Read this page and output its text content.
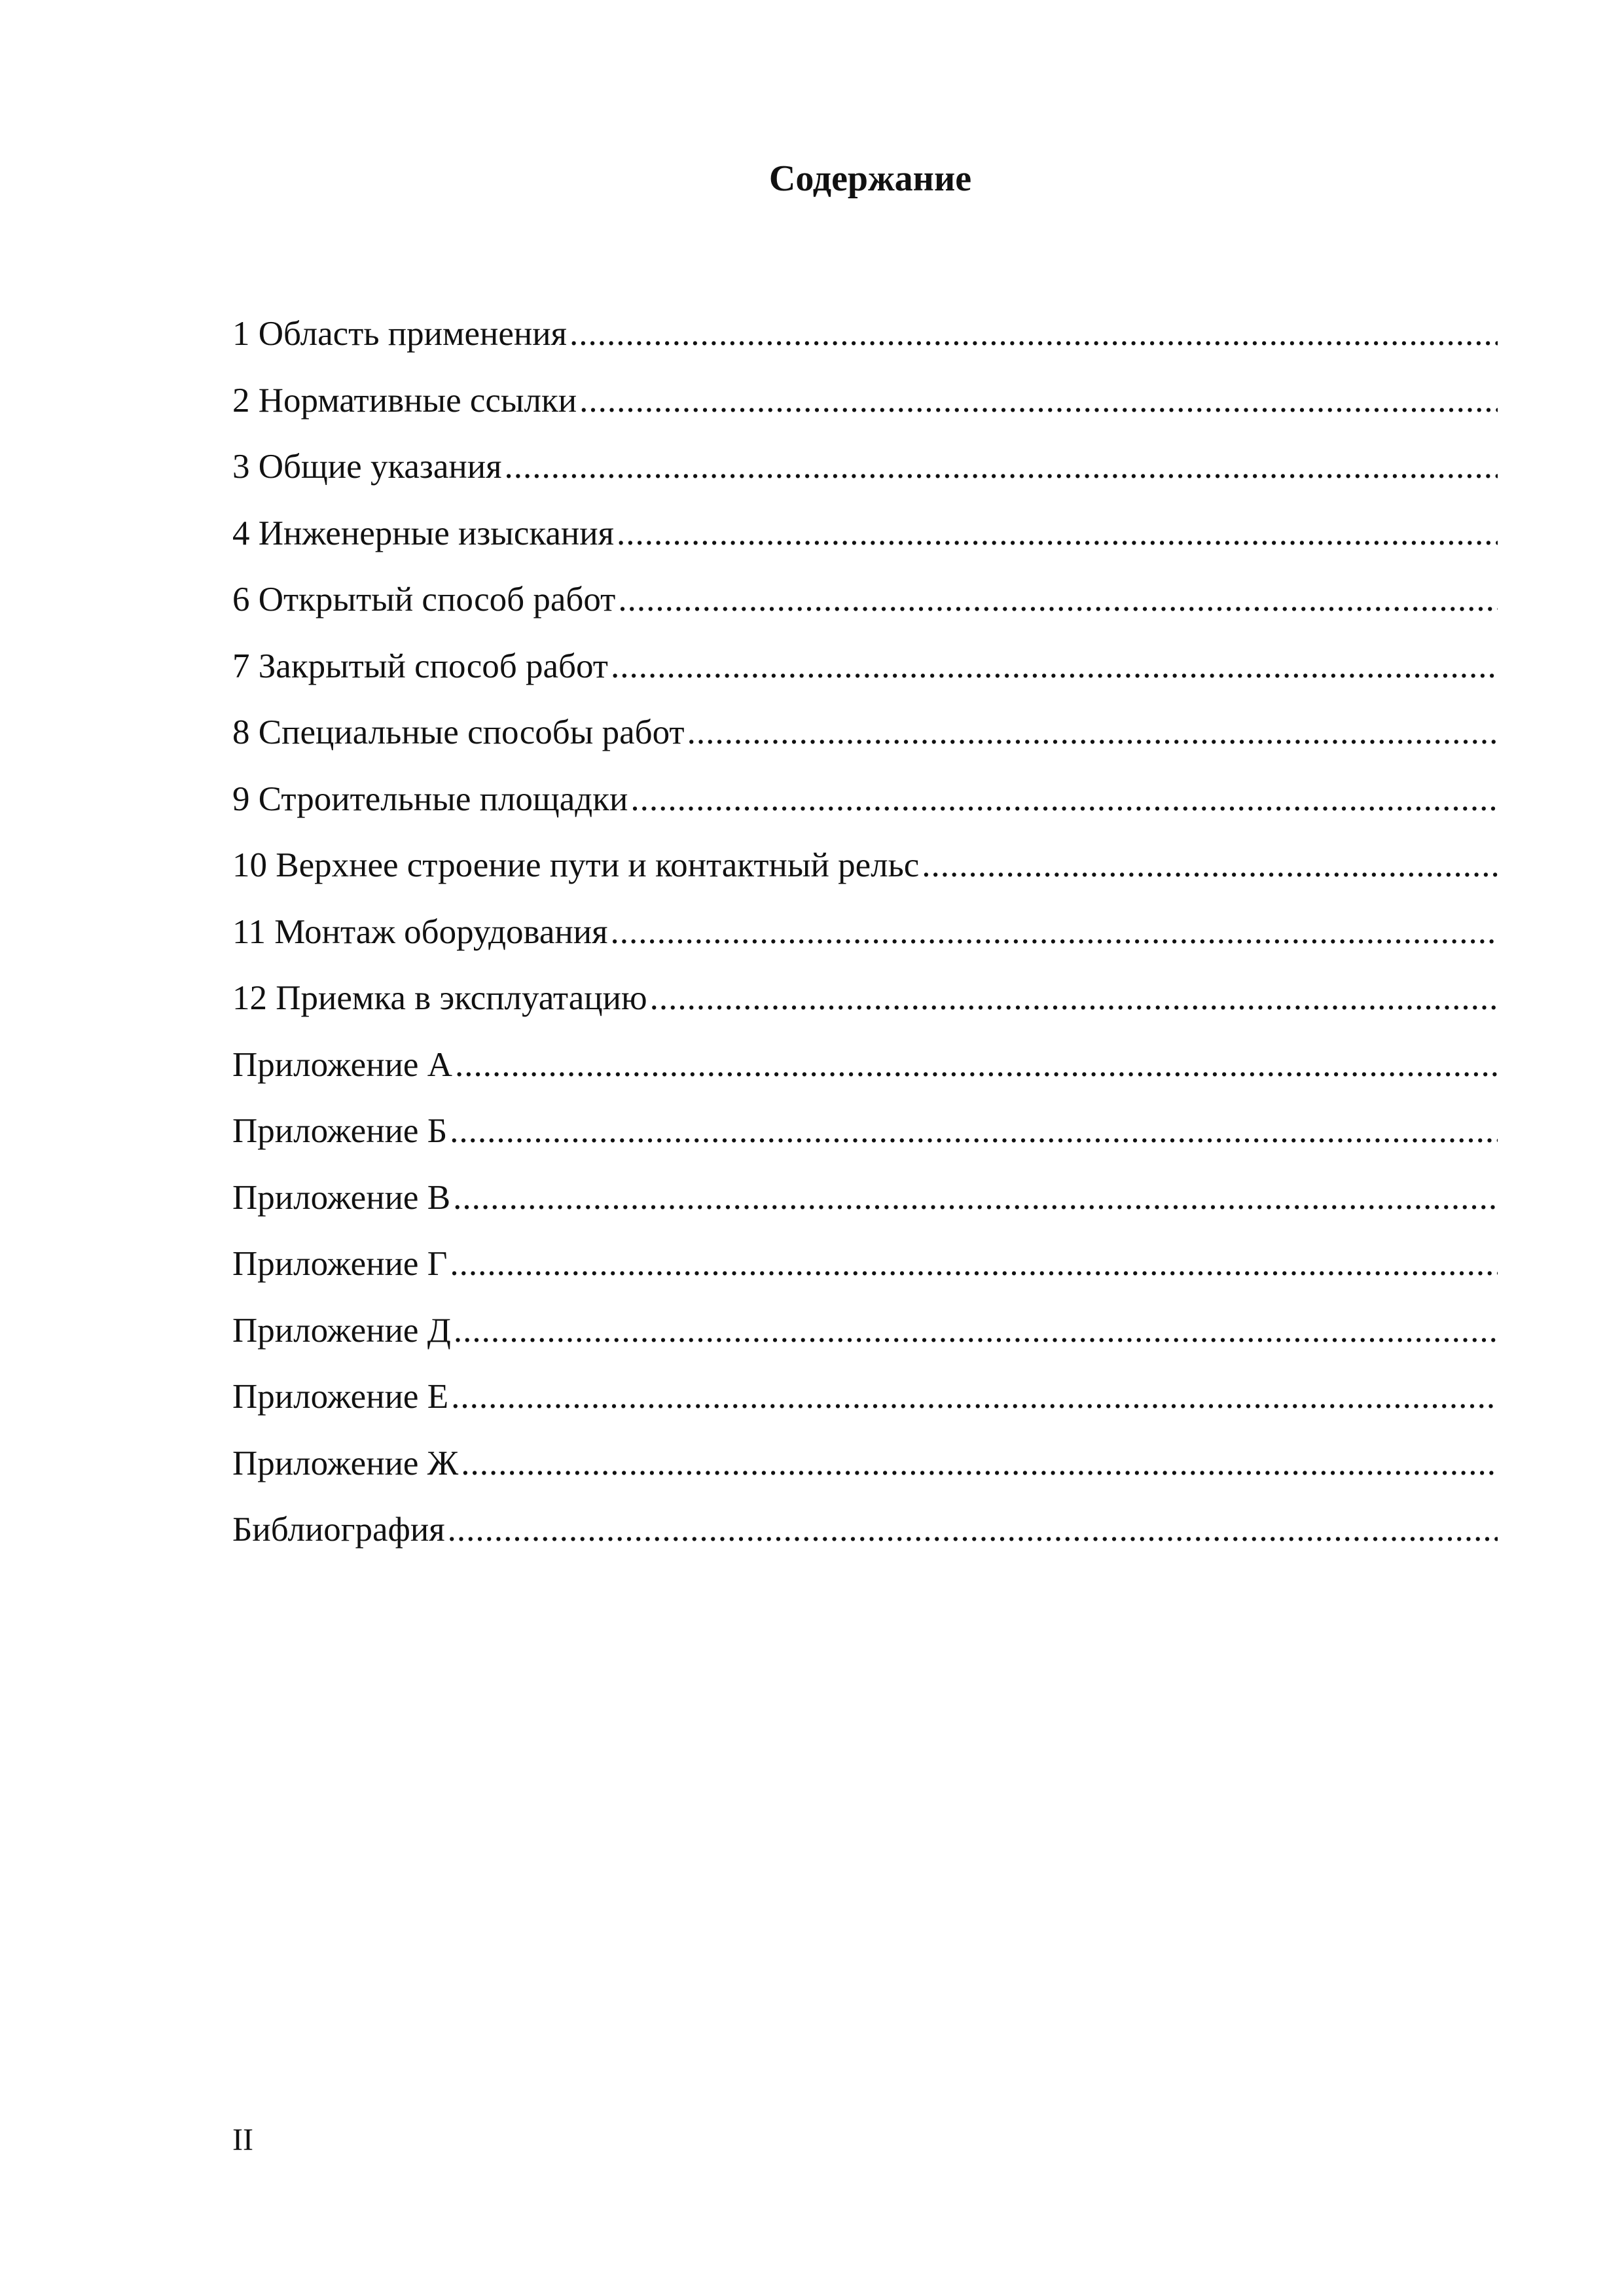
Содержание
1 Область применения
.....
2 Нормативные ссылки
.....
3 Общие указания
.....
4 Инженерные изыскания
.....
6 Открытый способ работ
.....
7 Закрытый способ работ
.....
8 Специальные способы работ
.....
9 Строительные площадки
.....
10 Верхнее строение пути и контактный рельс
.....
11 Монтаж оборудования
.....
12 Приемка в эксплуатацию
.....
Приложение А
.....
Приложение Б
.....
Приложение В
.....
Приложение Г
.....
Приложение Д
.....
Приложение Е
.....
Приложение Ж
.....
Библиография
.....
II
